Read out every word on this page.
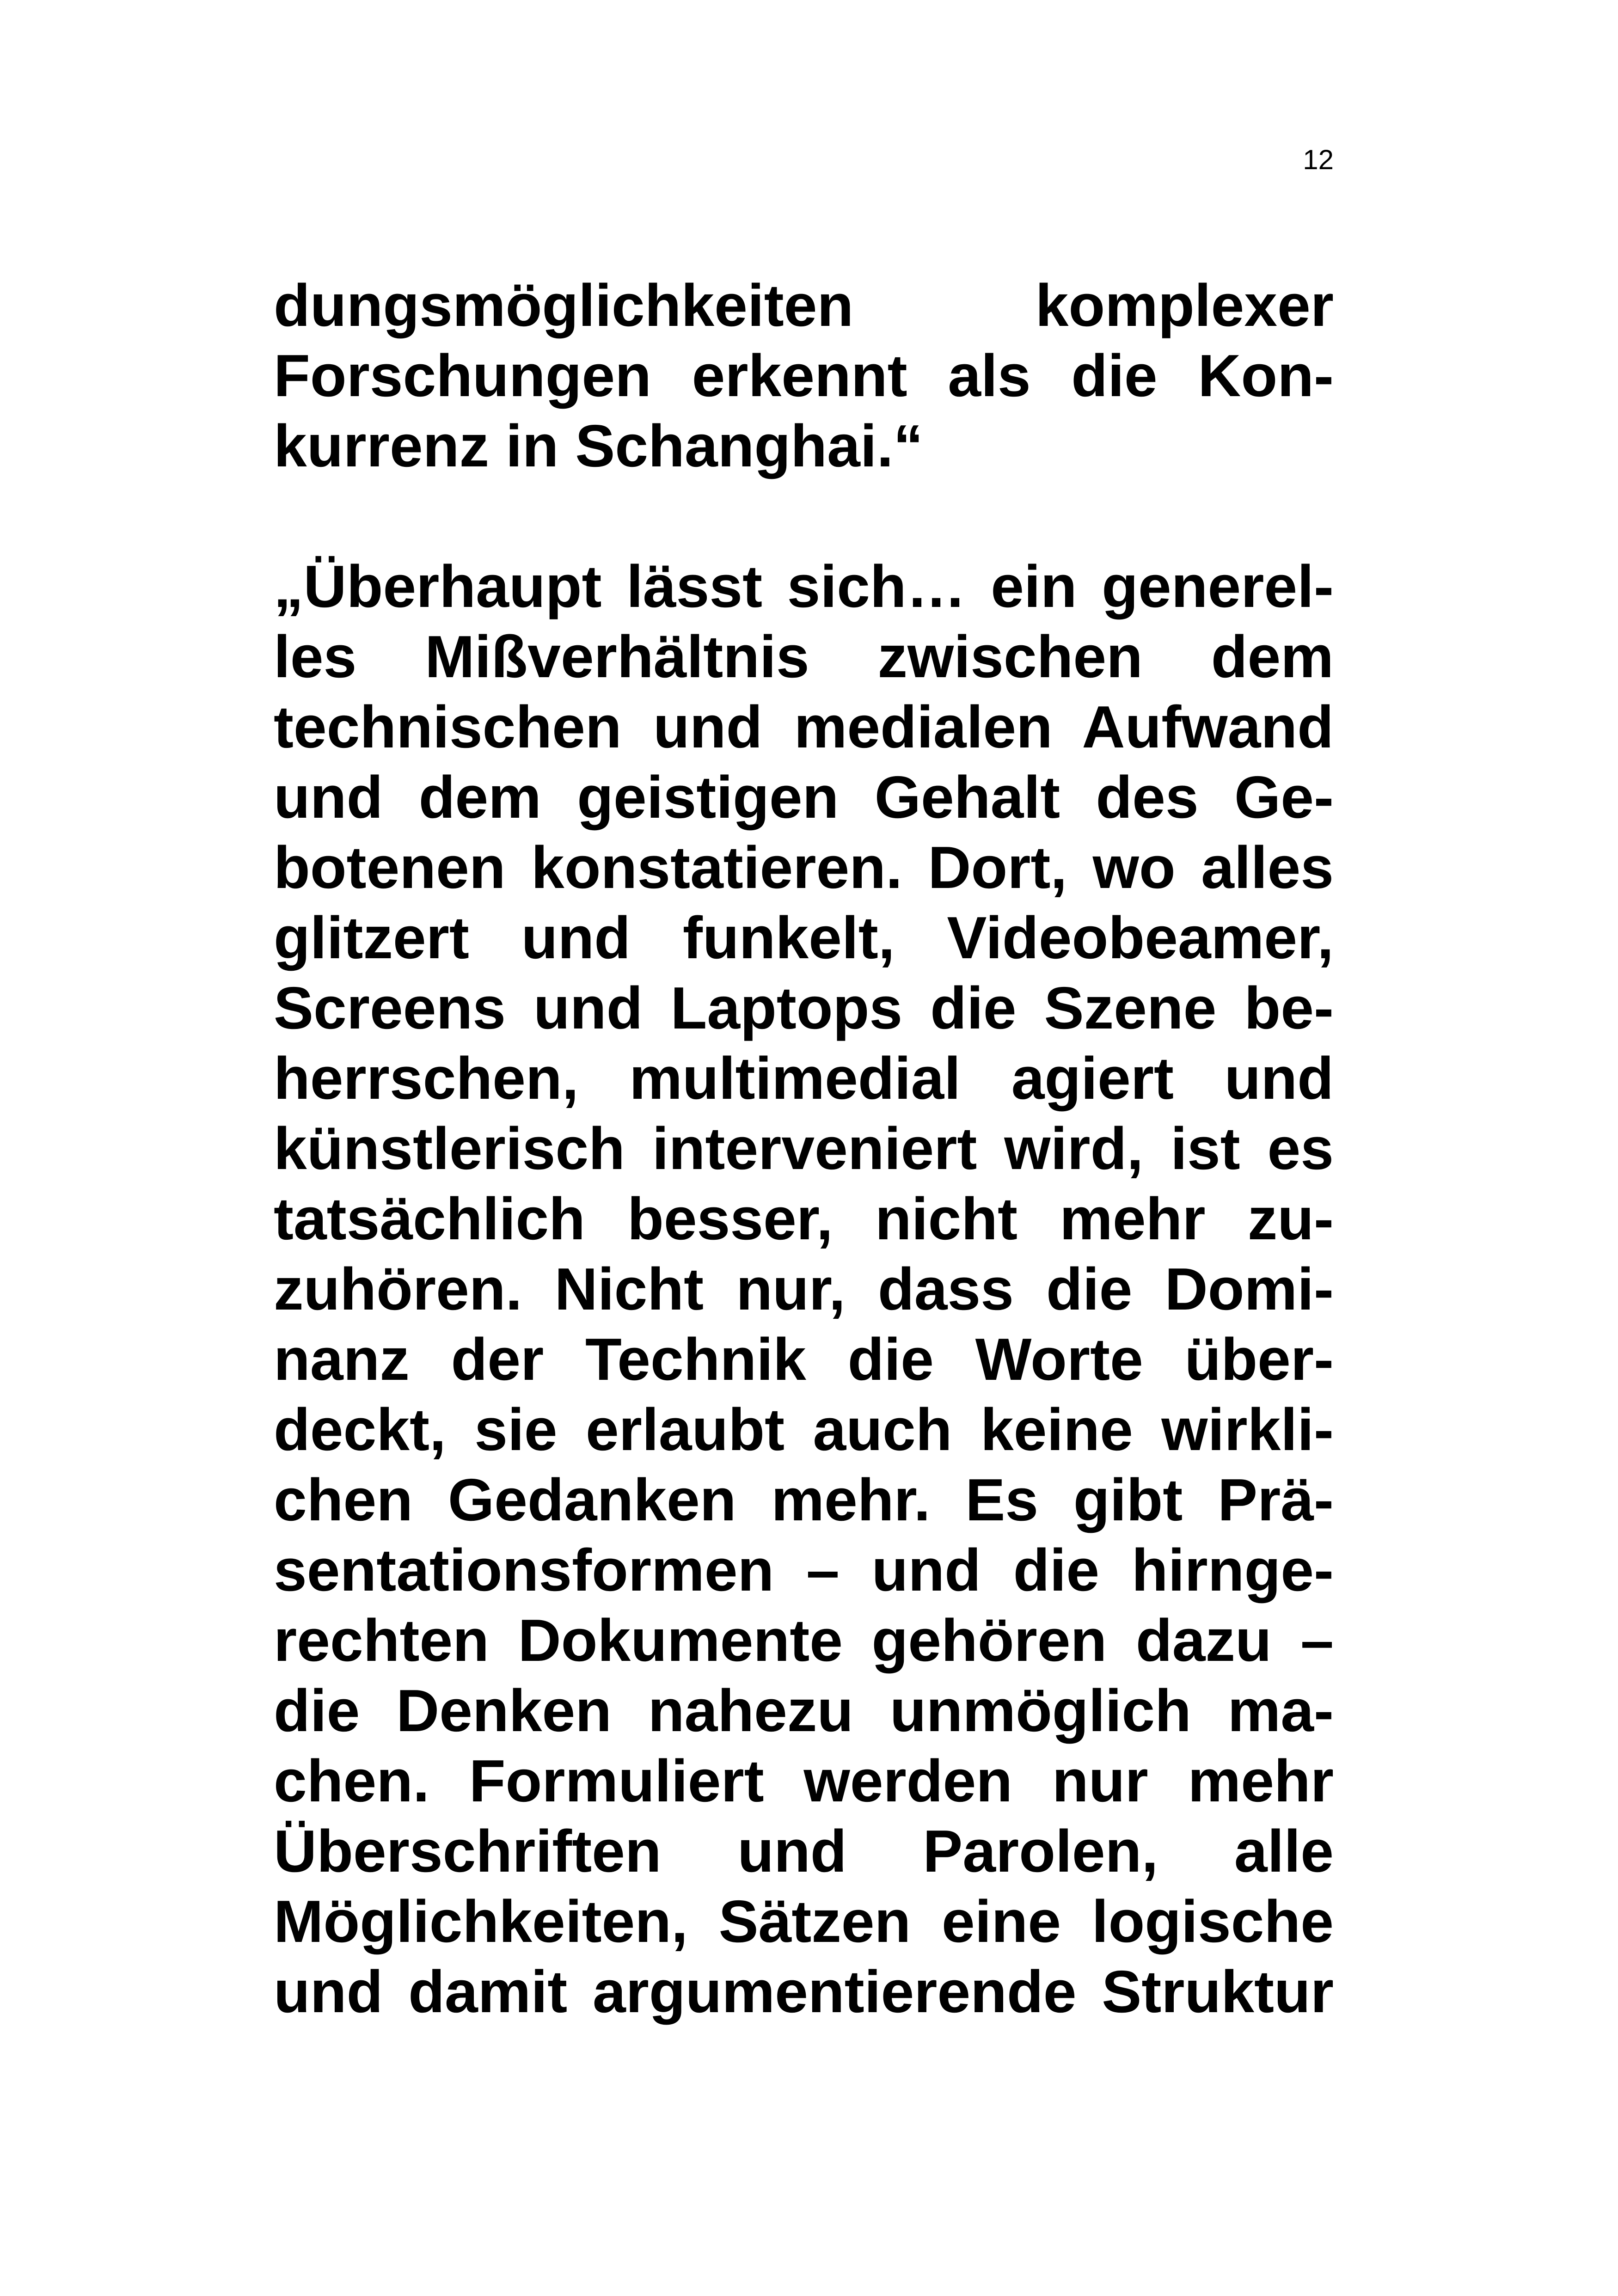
12
dungsmöglichkeiten komplexer
Forschungen erkennt als die Kon-
kurrenz in Schanghai.“
„Überhaupt lässt sich… ein generel-
les Mißverhältnis zwischen dem
technischen und medialen Aufwand
und dem geistigen Gehalt des Ge-
botenen konstatieren. Dort, wo alles
glitzert und funkelt, Videobeamer,
Screens und Laptops die Szene be-
herrschen, multimedial agiert und
künstlerisch interveniert wird, ist es
tatsächlich besser, nicht mehr zu-
zuhören. Nicht nur, dass die Domi-
nanz der Technik die Worte über-
deckt, sie erlaubt auch keine wirkli-
chen Gedanken mehr. Es gibt Prä-
sentationsformen – und die hirnge-
rechten Dokumente gehören dazu –
die Denken nahezu unmöglich ma-
chen. Formuliert werden nur mehr
Überschriften und Parolen, alle
Möglichkeiten, Sätzen eine logische
und damit argumentierende Struktur
